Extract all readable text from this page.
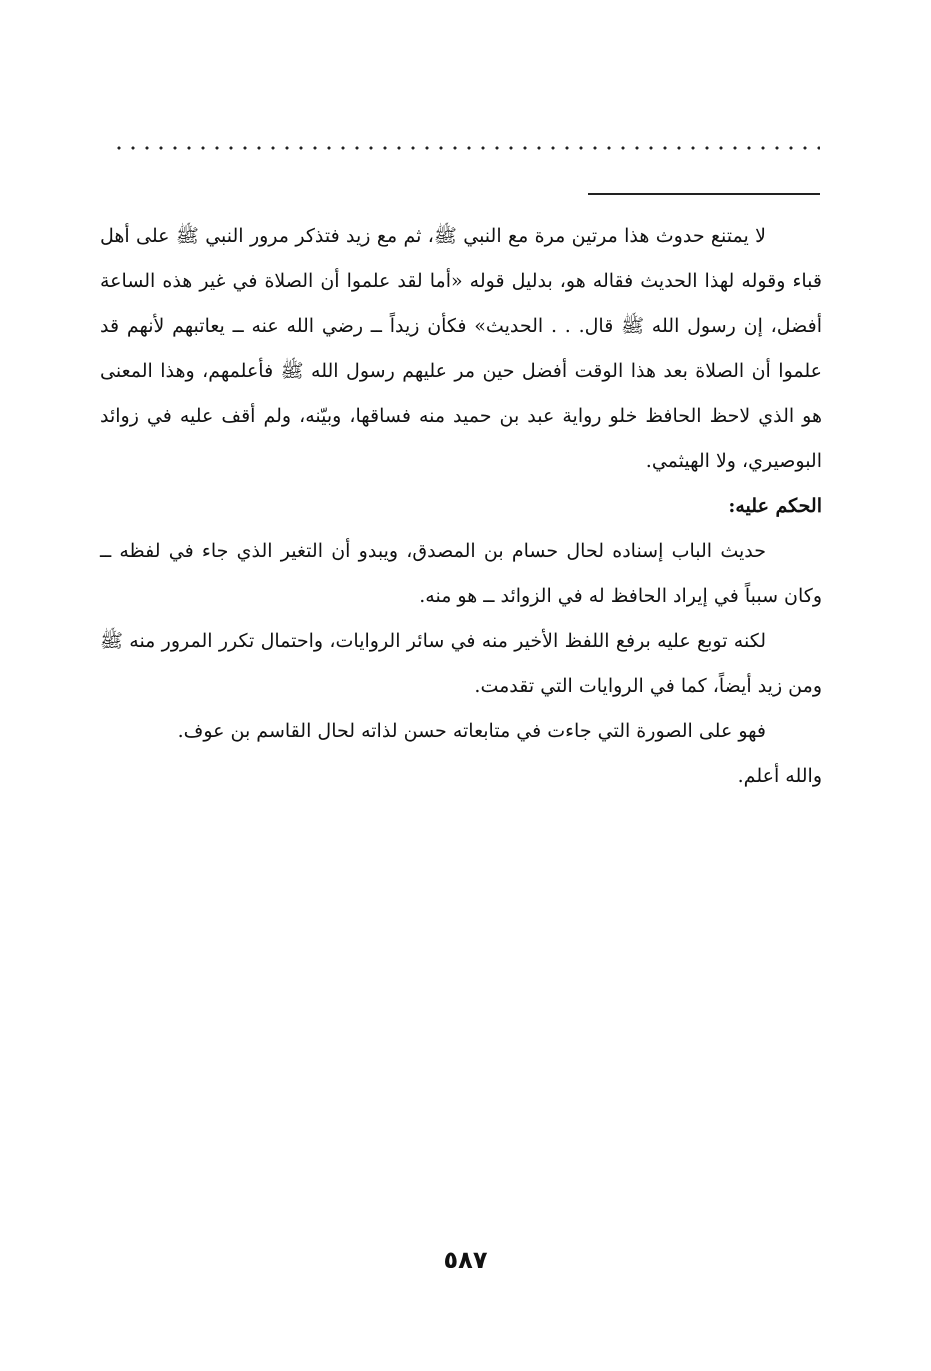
لا يمتنع حدوث هذا مرتين مرة مع النبي ﷺ، ثم مع زيد فتذكر مرور النبي ﷺ على أهل قباء وقوله لهذا الحديث فقاله هو، بدليل قوله «أما لقد علموا أن الصلاة في غير هذه الساعة أفضل، إن رسول الله ﷺ قال. . . الحديث» فكأن زيداً ــ رضي الله عنه ــ يعاتبهم لأنهم قد علموا أن الصلاة بعد هذا الوقت أفضل حين مر عليهم رسول الله ﷺ فأعلمهم، وهذا المعنى هو الذي لاحظ الحافظ خلو رواية عبد بن حميد منه فساقها، وبيّنه، ولم أقف عليه في زوائد البوصيري، ولا الهيثمي.

الحكم عليه:

حديث الباب إسناده لحال حسام بن المصدق، ويبدو أن التغير الذي جاء في لفظه ــ وكان سبباً في إيراد الحافظ له في الزوائد ــ هو منه.

لكنه توبع عليه برفع اللفظ الأخير منه في سائر الروايات، واحتمال تكرر المرور منه ﷺ ومن زيد أيضاً، كما في الروايات التي تقدمت.

فهو على الصورة التي جاءت في متابعاته حسن لذاته لحال القاسم بن عوف.

والله أعلم.

٥٨٧
